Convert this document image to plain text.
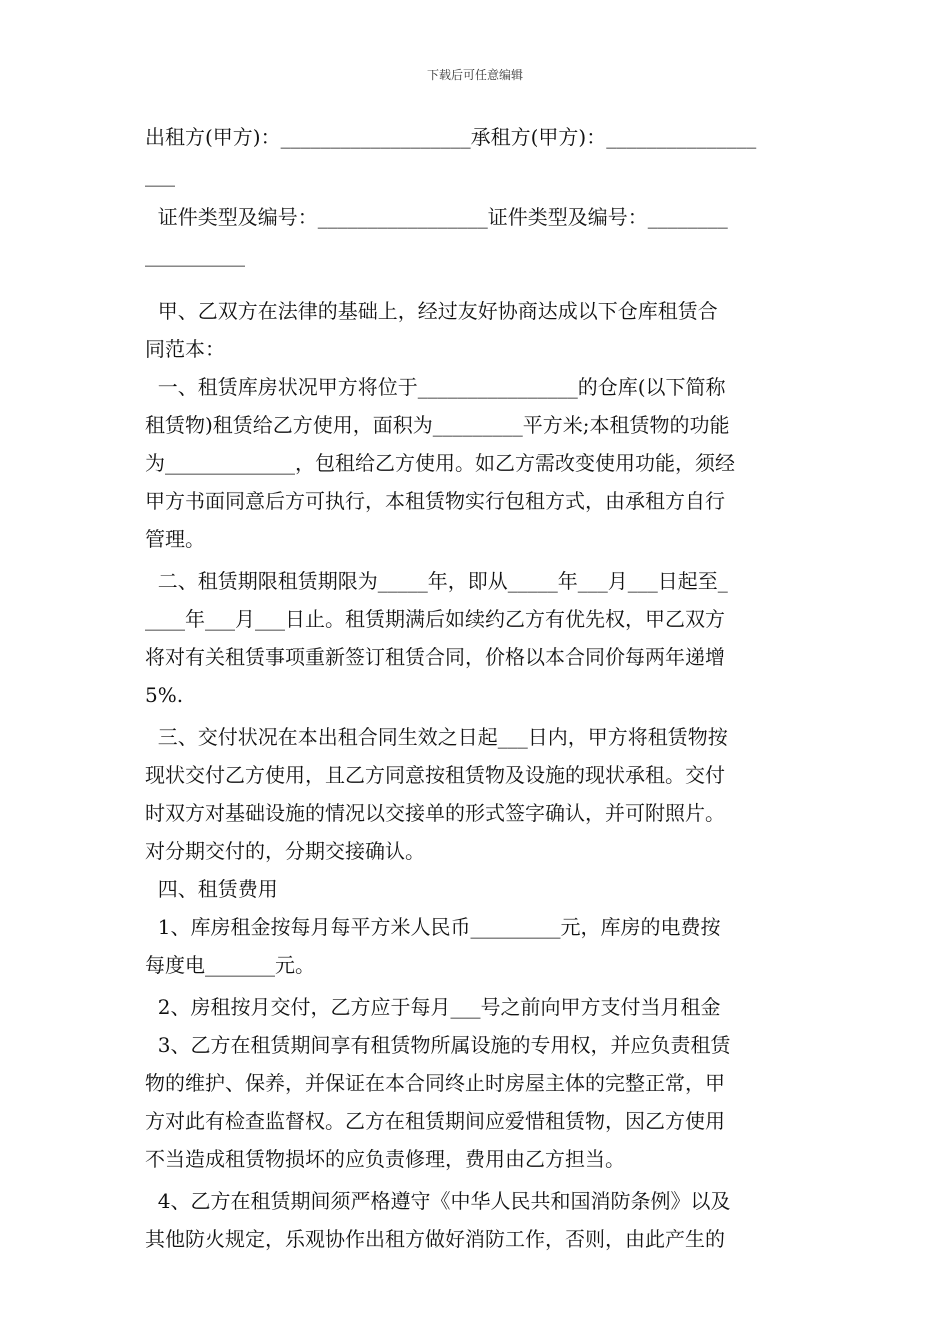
下载后可任意编辑
出租方(甲方)：___________________承租方(甲方)：_______________
___
证件类型及编号：_________________证件类型及编号：________
__________
甲、乙双方在法律的基础上，经过友好协商达成以下仓库租赁合
同范本：
一、租赁库房状况甲方将位于________________的仓库(以下简称
租赁物)租赁给乙方使用，面积为_________平方米;本租赁物的功能
为_____________，包租给乙方使用。如乙方需改变使用功能，须经
甲方书面同意后方可执行，本租赁物实行包租方式，由承租方自行
管理。
二、租赁期限租赁期限为_____年，即从_____年___月___日起至_
____年___月___日止。租赁期满后如续约乙方有优先权，甲乙双方
将对有关租赁事项重新签订租赁合同，价格以本合同价每两年递增
5%.
三、交付状况在本出租合同生效之日起___日内，甲方将租赁物按
现状交付乙方使用，且乙方同意按租赁物及设施的现状承租。交付
时双方对基础设施的情况以交接单的形式签字确认，并可附照片。
对分期交付的，分期交接确认。
四、租赁费用
1、库房租金按每月每平方米人民币_________元，库房的电费按
每度电_______元。
2、房租按月交付，乙方应于每月___号之前向甲方支付当月租金
3、乙方在租赁期间享有租赁物所属设施的专用权，并应负责租赁
物的维护、保养，并保证在本合同终止时房屋主体的完整正常，甲
方对此有检查监督权。乙方在租赁期间应爱惜租赁物，因乙方使用
不当造成租赁物损坏的应负责修理，费用由乙方担当。
4、乙方在租赁期间须严格遵守《中华人民共和国消防条例》以及
其他防火规定，乐观协作出租方做好消防工作，否则，由此产生的
